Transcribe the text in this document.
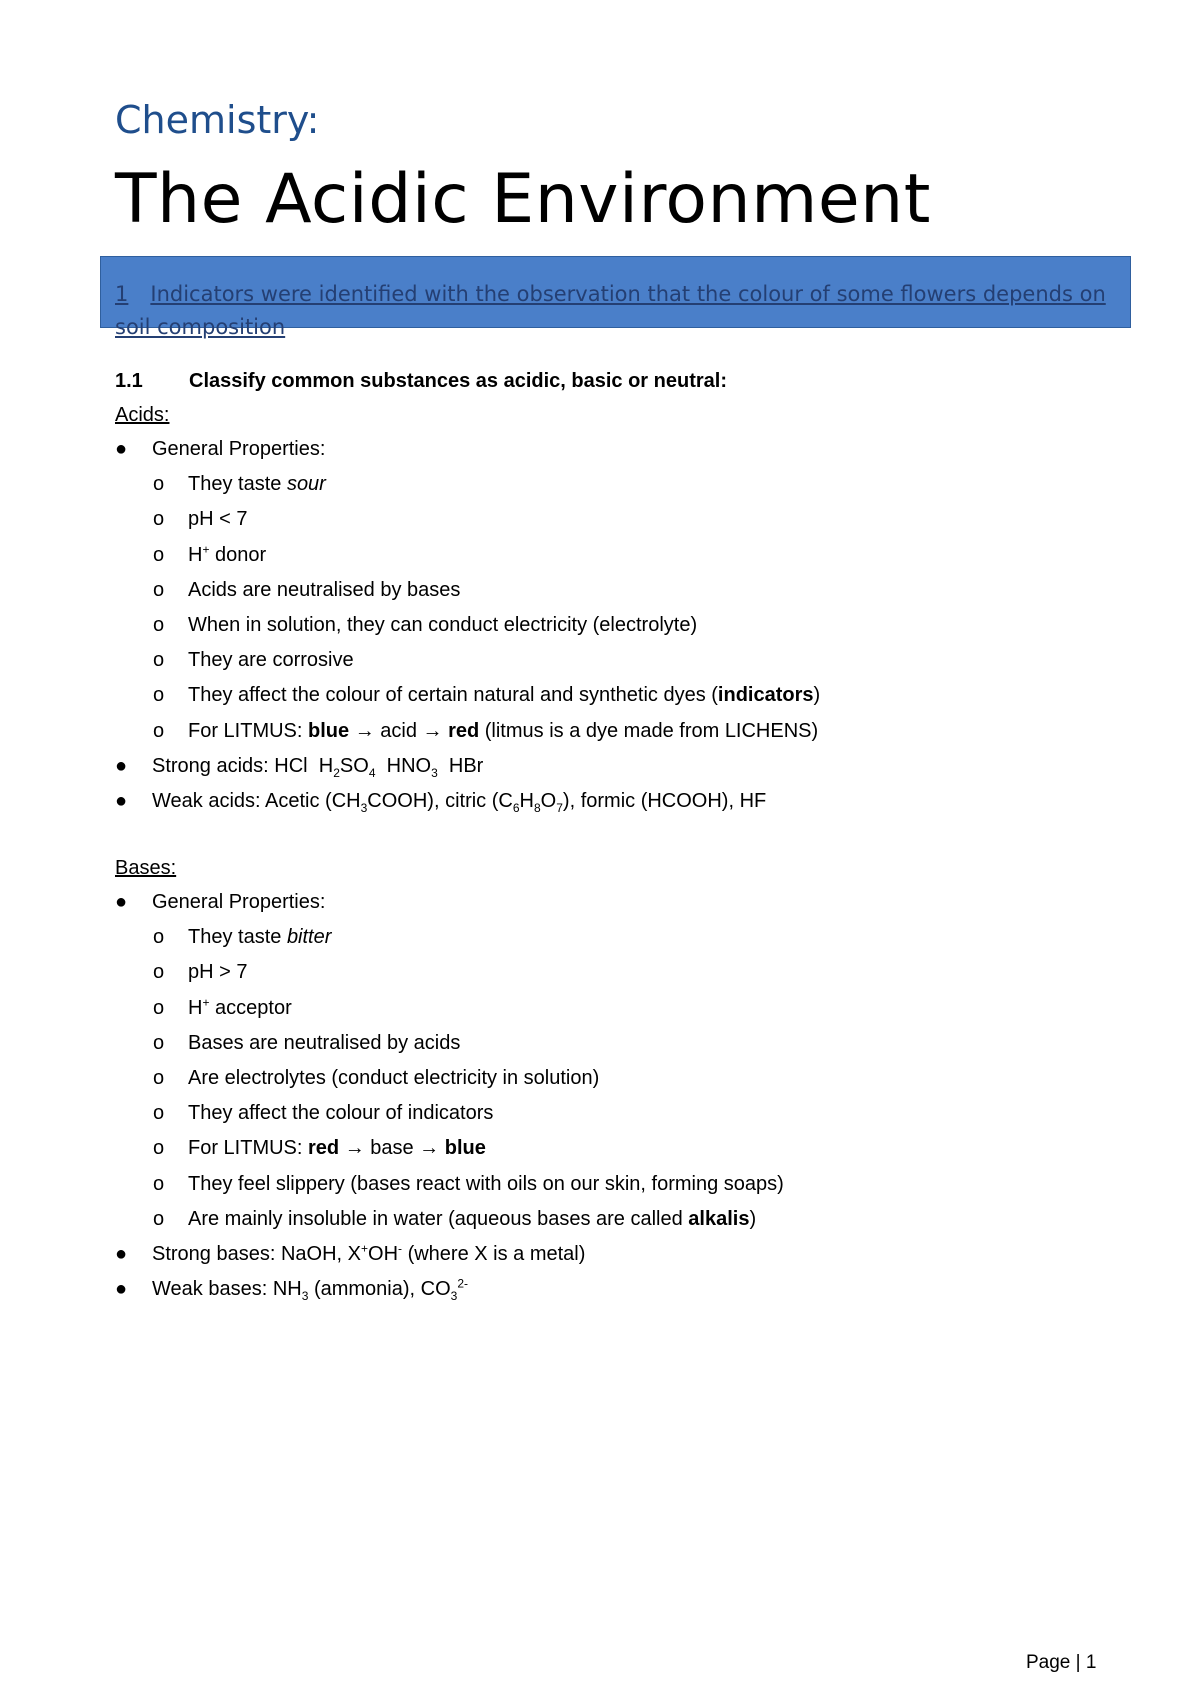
Chemistry:
The Acidic Environment
1 Indicators were identified with the observation that the colour of some flowers depends on soil composition
1.1 Classify common substances as acidic, basic or neutral:
Acids:
● General Properties:
o They taste sour
o pH < 7
o H+ donor
o Acids are neutralised by bases
o When in solution, they can conduct electricity (electrolyte)
o They are corrosive
o They affect the colour of certain natural and synthetic dyes (indicators)
o For LITMUS: blue → acid → red (litmus is a dye made from LICHENS)
● Strong acids: HCl $H_2SO_4$ $HNO_3$ HBr
● Weak acids: Acetic $(CH_3COOH)$, citric $(C_6H_8O_7)$, formic (HCOOH), HF
Bases:
● General Properties:
o They taste bitter
o pH > 7
o H+ acceptor
o Bases are neutralised by acids
o Are electrolytes (conduct electricity in solution)
o They affect the colour of indicators
o For LITMUS: red → base → blue
o They feel slippery (bases react with oils on our skin, forming soaps)
o Are mainly insoluble in water (aqueous bases are called alkalis)
● Strong bases: NaOH, X+OH- (where X is a metal)
● Weak bases: $NH_3$ (ammonia), $CO_3^{2-}$
Page | 1
